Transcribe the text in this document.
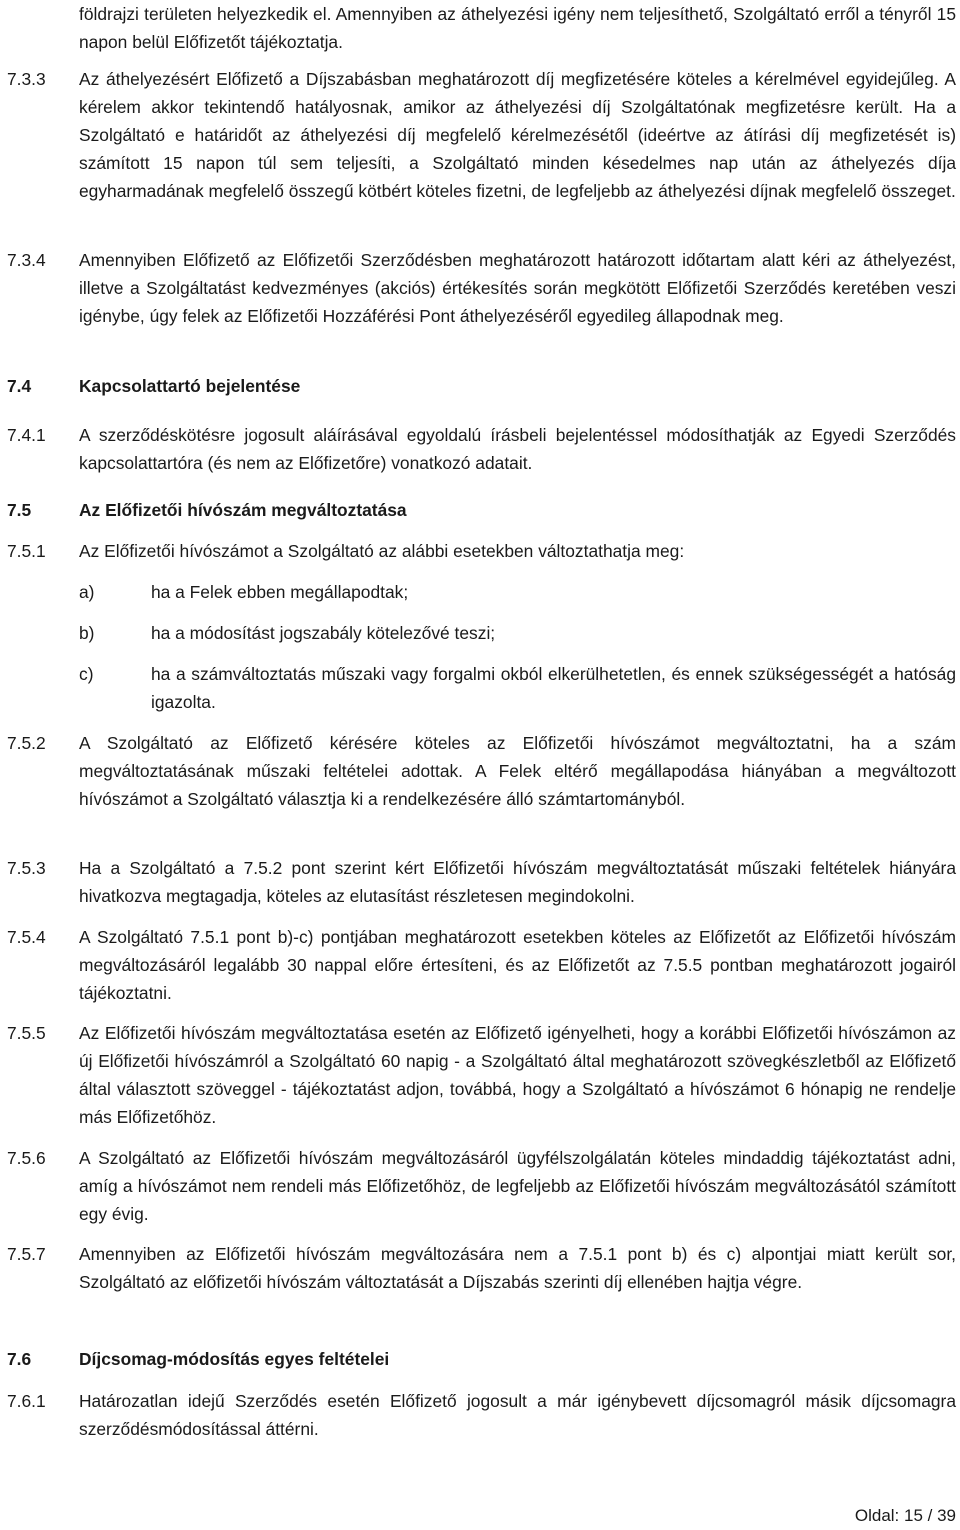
földrajzi területen helyezkedik el. Amennyiben az áthelyezési igény nem teljesíthető, Szolgáltató erről a tényről 15 napon belül Előfizetőt tájékoztatja.
7.3.3 Az áthelyezésért Előfizető a Díjszabásban meghatározott díj megfizetésére köteles a kérelmével egyidejűleg. A kérelem akkor tekintendő hatályosnak, amikor az áthelyezési díj Szolgáltatónak megfizetésre került. Ha a Szolgáltató e határidőt az áthelyezési díj megfelelő kérelmezésétől (ideértve az átírási díj megfizetését is) számított 15 napon túl sem teljesíti, a Szolgáltató minden késedelmes nap után az áthelyezés díja egyharmadának megfelelő összegű kötbért köteles fizetni, de legfeljebb az áthelyezési díjnak megfelelő összeget.
7.3.4 Amennyiben Előfizető az Előfizetői Szerződésben meghatározott határozott időtartam alatt kéri az áthelyezést, illetve a Szolgáltatást kedvezményes (akciós) értékesítés során megkötött Előfizetői Szerződés keretében veszi igénybe, úgy felek az Előfizetői Hozzáférési Pont áthelyezéséről egyedileg állapodnak meg.
7.4	Kapcsolattartó bejelentése
7.4.1 A szerződéskötésre jogosult aláírásával egyoldalú írásbeli bejelentéssel módosíthatják az Egyedi Szerződés kapcsolattartóra (és nem az Előfizetőre) vonatkozó adatait.
7.5	Az Előfizetői hívószám megváltoztatása
7.5.1 Az Előfizetői hívószámot a Szolgáltató az alábbi esetekben változtathatja meg:
a)	ha a Felek ebben megállapodtak;
b)	ha a módosítást jogszabály kötelezővé teszi;
c)	ha a számváltoztatás műszaki vagy forgalmi okból elkerülhetetlen, és ennek szükségességét a hatóság igazolta.
7.5.2 A Szolgáltató az Előfizető kérésére köteles az Előfizetői hívószámot megváltoztatni, ha a szám megváltoztatásának műszaki feltételei adottak. A Felek eltérő megállapodása hiányában a megváltozott hívószámot a Szolgáltató választja ki a rendelkezésére álló számtartományból.
7.5.3 Ha a Szolgáltató a 7.5.2 pont szerint kért Előfizetői hívószám megváltoztatását műszaki feltételek hiányára hivatkozva megtagadja, köteles az elutasítást részletesen megindokolni.
7.5.4 A Szolgáltató 7.5.1 pont b)-c) pontjában meghatározott esetekben köteles az Előfizetőt az Előfizetői hívószám megváltozásáról legalább 30 nappal előre értesíteni, és az Előfizetőt az 7.5.5 pontban meghatározott jogairól tájékoztatni.
7.5.5 Az Előfizetői hívószám megváltoztatása esetén az Előfizető igényelheti, hogy a korábbi Előfizetői hívószámon az új Előfizetői hívószámról a Szolgáltató 60 napig - a Szolgáltató által meghatározott szövegkészletből az Előfizető által választott szöveggel - tájékoztatást adjon, továbbá, hogy a Szolgáltató a hívószámot 6 hónapig ne rendelje más Előfizetőhöz.
7.5.6 A Szolgáltató az Előfizetői hívószám megváltozásáról ügyfélszolgálatán köteles mindaddig tájékoztatást adni, amíg a hívószámot nem rendeli más Előfizetőhöz, de legfeljebb az Előfizetői hívószám megváltozásától számított egy évig.
7.5.7 Amennyiben az Előfizetői hívószám megváltozására nem a 7.5.1 pont b) és c) alpontjai miatt került sor, Szolgáltató az előfizetői hívószám változtatását a Díjszabás szerinti díj ellenében hajtja végre.
7.6	Díjcsomag-módosítás egyes feltételei
7.6.1 Határozatlan idejű Szerződés esetén Előfizető jogosult a már igénybevett díjcsomagról másik díjcsomagra szerződésmódosítással áttérni.
Oldal: 15 / 39
